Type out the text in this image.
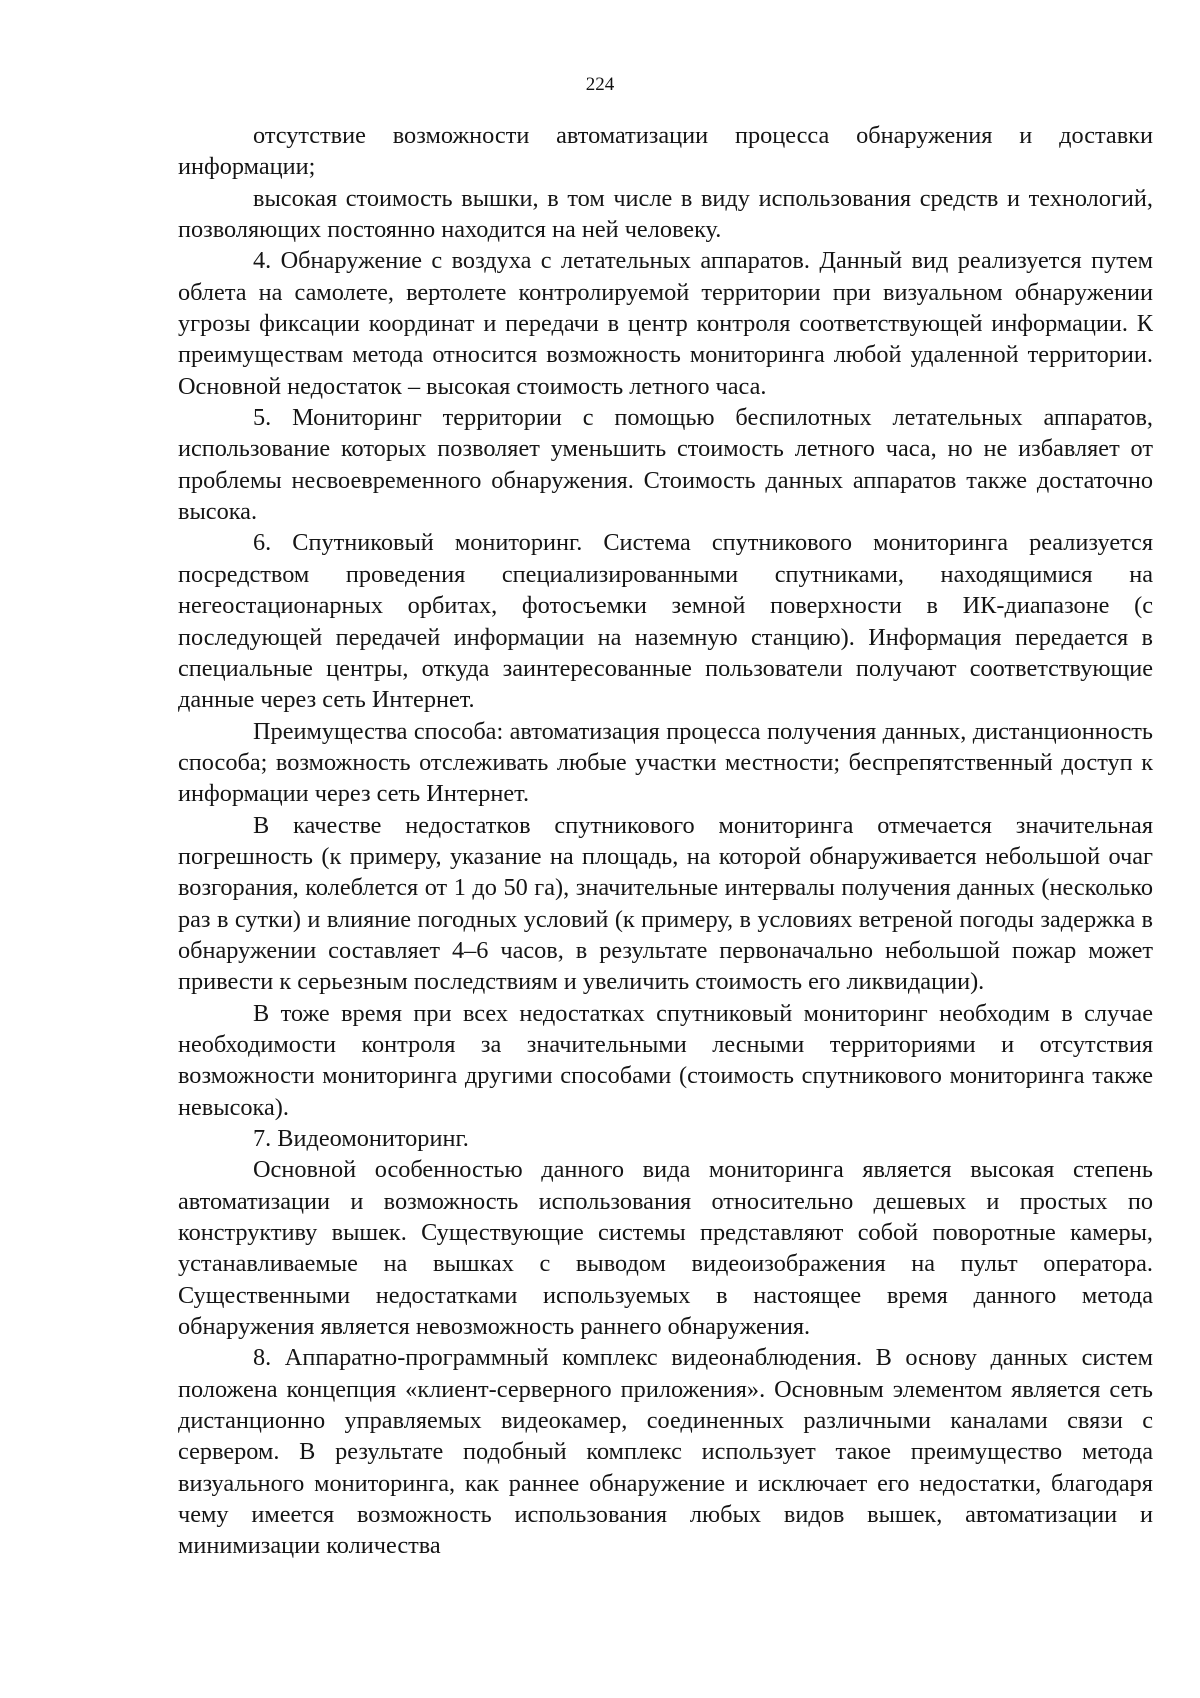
224

отсутствие возможности автоматизации процесса обнаружения и доставки информации;

высокая стоимость вышки, в том числе в виду использования средств и технологий, позволяющих постоянно находится на ней человеку.

4. Обнаружение с воздуха с летательных аппаратов. Данный вид реализуется путем облета на самолете, вертолете контролируемой территории при визуальном обнаружении угрозы фиксации координат и передачи в центр контроля соответствующей информации. К преимуществам метода относится возможность мониторинга любой удаленной территории. Основной недостаток – высокая стоимость летного часа.

5. Мониторинг территории с помощью беспилотных летательных аппаратов, использование которых позволяет уменьшить стоимость летного часа, но не избавляет от проблемы несвоевременного обнаружения. Стоимость данных аппаратов также достаточно высока.

6. Спутниковый мониторинг. Система спутникового мониторинга реализуется посредством проведения специализированными спутниками, находящимися на негеостационарных орбитах, фотосъемки земной поверхности в ИК-диапазоне (с последующей передачей информации на наземную станцию). Информация передается в специальные центры, откуда заинтересованные пользователи получают соответствующие данные через сеть Интернет.

Преимущества способа: автоматизация процесса получения данных, дистанционность способа; возможность отслеживать любые участки местности; беспрепятственный доступ к информации через сеть Интернет.

В качестве недостатков спутникового мониторинга отмечается значительная погрешность (к примеру, указание на площадь, на которой обнаруживается небольшой очаг возгорания, колеблется от 1 до 50 га), значительные интервалы получения данных (несколько раз в сутки) и влияние погодных условий (к примеру, в условиях ветреной погоды задержка в обнаружении составляет 4–6 часов, в результате первоначально небольшой пожар может привести к серьезным последствиям и увеличить стоимость его ликвидации).

В тоже время при всех недостатках спутниковый мониторинг необходим в случае необходимости контроля за значительными лесными территориями и отсутствия возможности мониторинга другими способами (стоимость спутникового мониторинга также невысока).

7. Видеомониторинг.

Основной особенностью данного вида мониторинга является высокая степень автоматизации и возможность использования относительно дешевых и простых по конструктиву вышек. Существующие системы представляют собой поворотные камеры, устанавливаемые на вышках с выводом видеоизображения на пульт оператора. Существенными недостатками используемых в настоящее время данного метода обнаружения является невозможность раннего обнаружения.

8. Аппаратно-программный комплекс видеонаблюдения. В основу данных систем положена концепция «клиент-серверного приложения». Основным элементом является сеть дистанционно управляемых видеокамер, соединенных различными каналами связи с сервером. В результате подобный комплекс использует такое преимущество метода визуального мониторинга, как раннее обнаружение и исключает его недостатки, благодаря чему имеется возможность использования любых видов вышек, автоматизации и минимизации количества
